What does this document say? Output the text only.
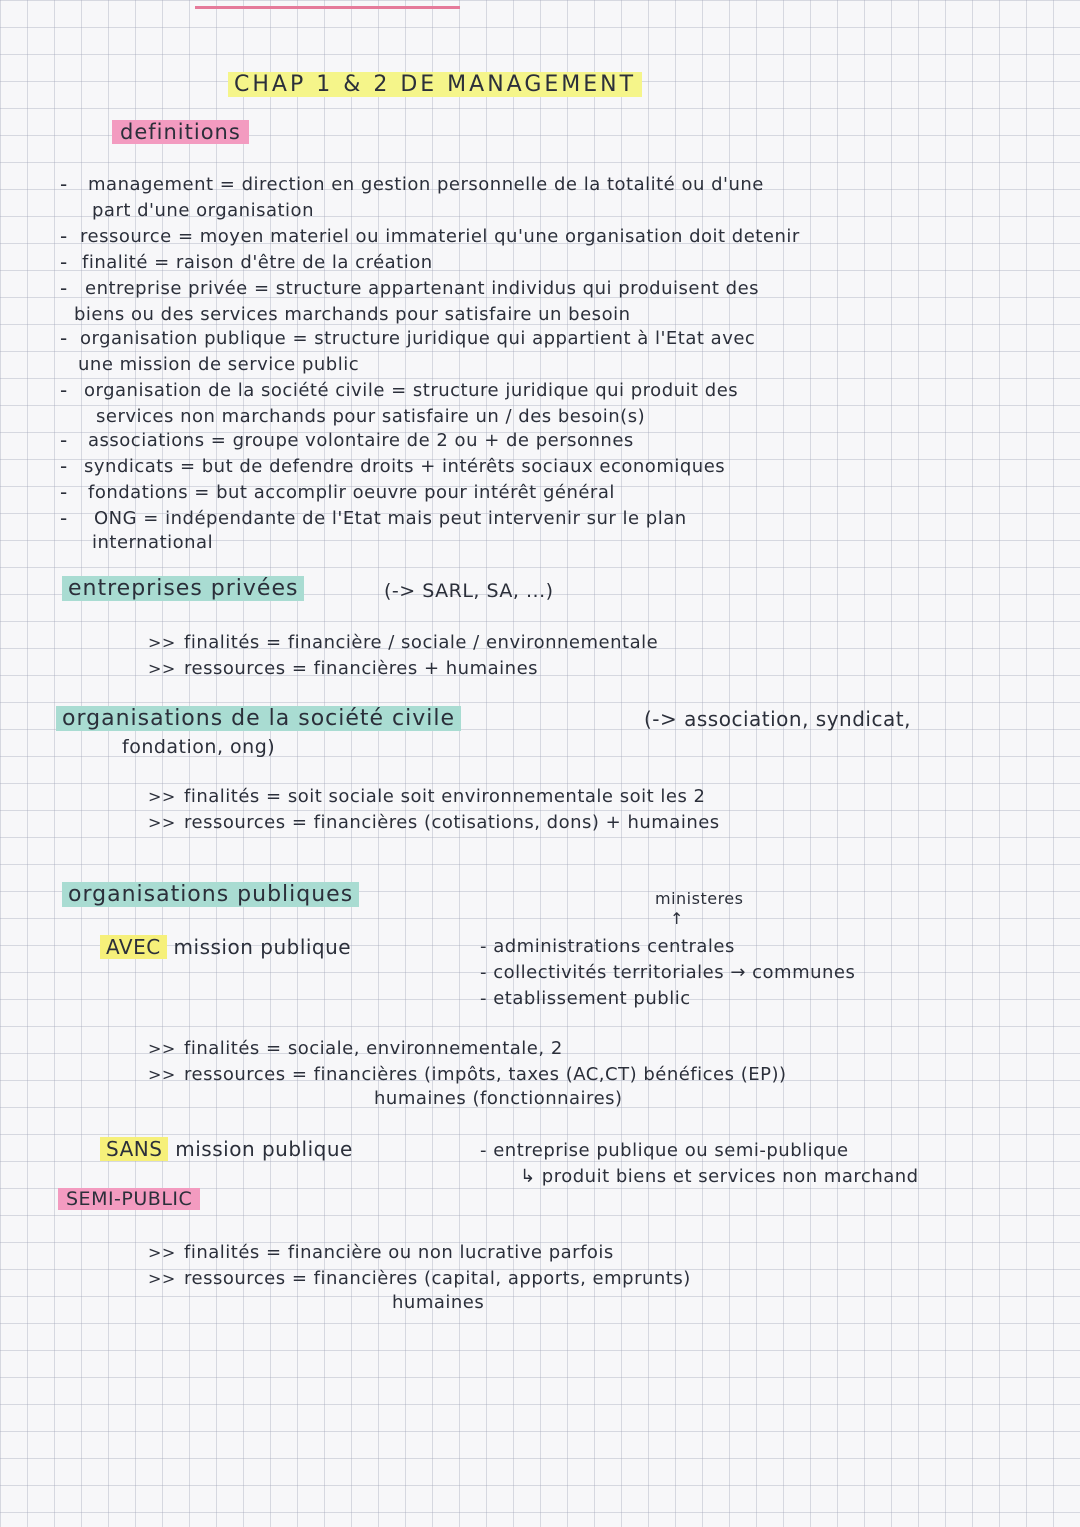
CHAP 1 & 2 DE MANAGEMENT
definitions
- management = direction en gestion personnelle de la totalité ou d'une
part d'une organisation
- ressource = moyen materiel ou immateriel qu'une organisation doit detenir
- finalité = raison d'être de la création
- entreprise privée = structure appartenant individus qui produisent des
biens ou des services marchands pour satisfaire un besoin
- organisation publique = structure juridique qui appartient à l'Etat avec
une mission de service public
- organisation de la société civile = structure juridique qui produit des
services non marchands pour satisfaire un / des besoin(s)
- associations = groupe volontaire de 2 ou + de personnes
- syndicats = but de defendre droits + intérêts sociaux economiques
- fondations = but accomplir oeuvre pour intérêt général
- ONG = indépendante de l'Etat mais peut intervenir sur le plan
international
entreprises privées	(-> SARL, SA, ...)
>> finalités = financière / sociale / environnementale
>> ressources = financières + humaines
organisations de la société civile	(-> association, syndicat,
fondation, ong)
>> finalités = soit sociale soit environnementale soit les 2
>> ressources = financières (cotisations, dons) + humaines
organisations publiques	ministeres
↑
AVEC mission publique	- administrations centrales
- collectivités territoriales → communes
- etablissement public
>> finalités = sociale, environnementale, 2
>> ressources = financières (impôts, taxes (AC,CT) bénéfices (EP))
humaines (fonctionnaires)
SANS mission publique	- entreprise publique ou semi-publique
↳ produit biens et services non marchand
SEMI-PUBLIC
>> finalités = financière ou non lucrative parfois
>> ressources = financières (capital, apports, emprunts)
humaines
